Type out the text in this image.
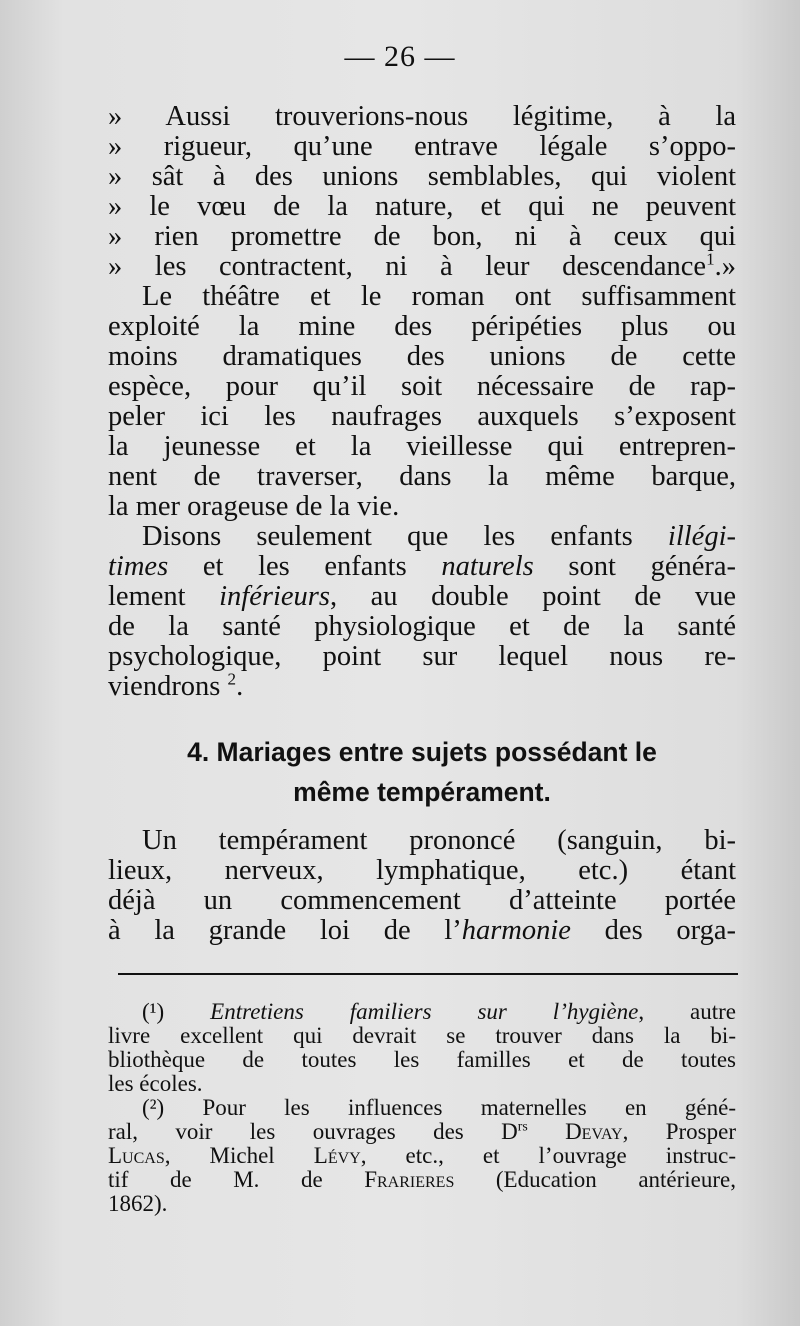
— 26 —
» Aussi trouverions-nous légitime, à la
» rigueur, qu’une entrave légale s’oppo-
» sât à des unions semblables, qui violent
» le vœu de la nature, et qui ne peuvent
» rien promettre de bon, ni à ceux qui
» les contractent, ni à leur descendance$^1$.»
Le théâtre et le roman ont suffisamment
exploité la mine des péripéties plus ou
moins dramatiques des unions de cette
espèce, pour qu’il soit nécessaire de rap-
peler ici les naufrages auxquels s’exposent
la jeunesse et la vieillesse qui entrepren-
nent de traverser, dans la même barque,
la mer orageuse de la vie.
Disons seulement que les enfants illégi-
times et les enfants naturels sont généra-
lement inférieurs, au double point de vue
de la santé physiologique et de la santé
psychologique, point sur lequel nous re-
viendrons $^2$.
4. Mariages entre sujets possédant le
même tempérament.
Un tempérament prononcé (sanguin, bi-
lieux, nerveux, lymphatique, etc.) étant
déjà un commencement d’atteinte portée
à la grande loi de l’harmonie des orga-
(¹) Entretiens familiers sur l’hygiène, autre
livre excellent qui devrait se trouver dans la bi-
bliothèque de toutes les familles et de toutes
les écoles.
(²) Pour les influences maternelles en géné-
ral, voir les ouvrages des $D^{rs}$ Devay, Prosper
Lucas, Michel Lévy, etc., et l’ouvrage instruc-
tif de M. de Frarieres (Education antérieure,
1862).
